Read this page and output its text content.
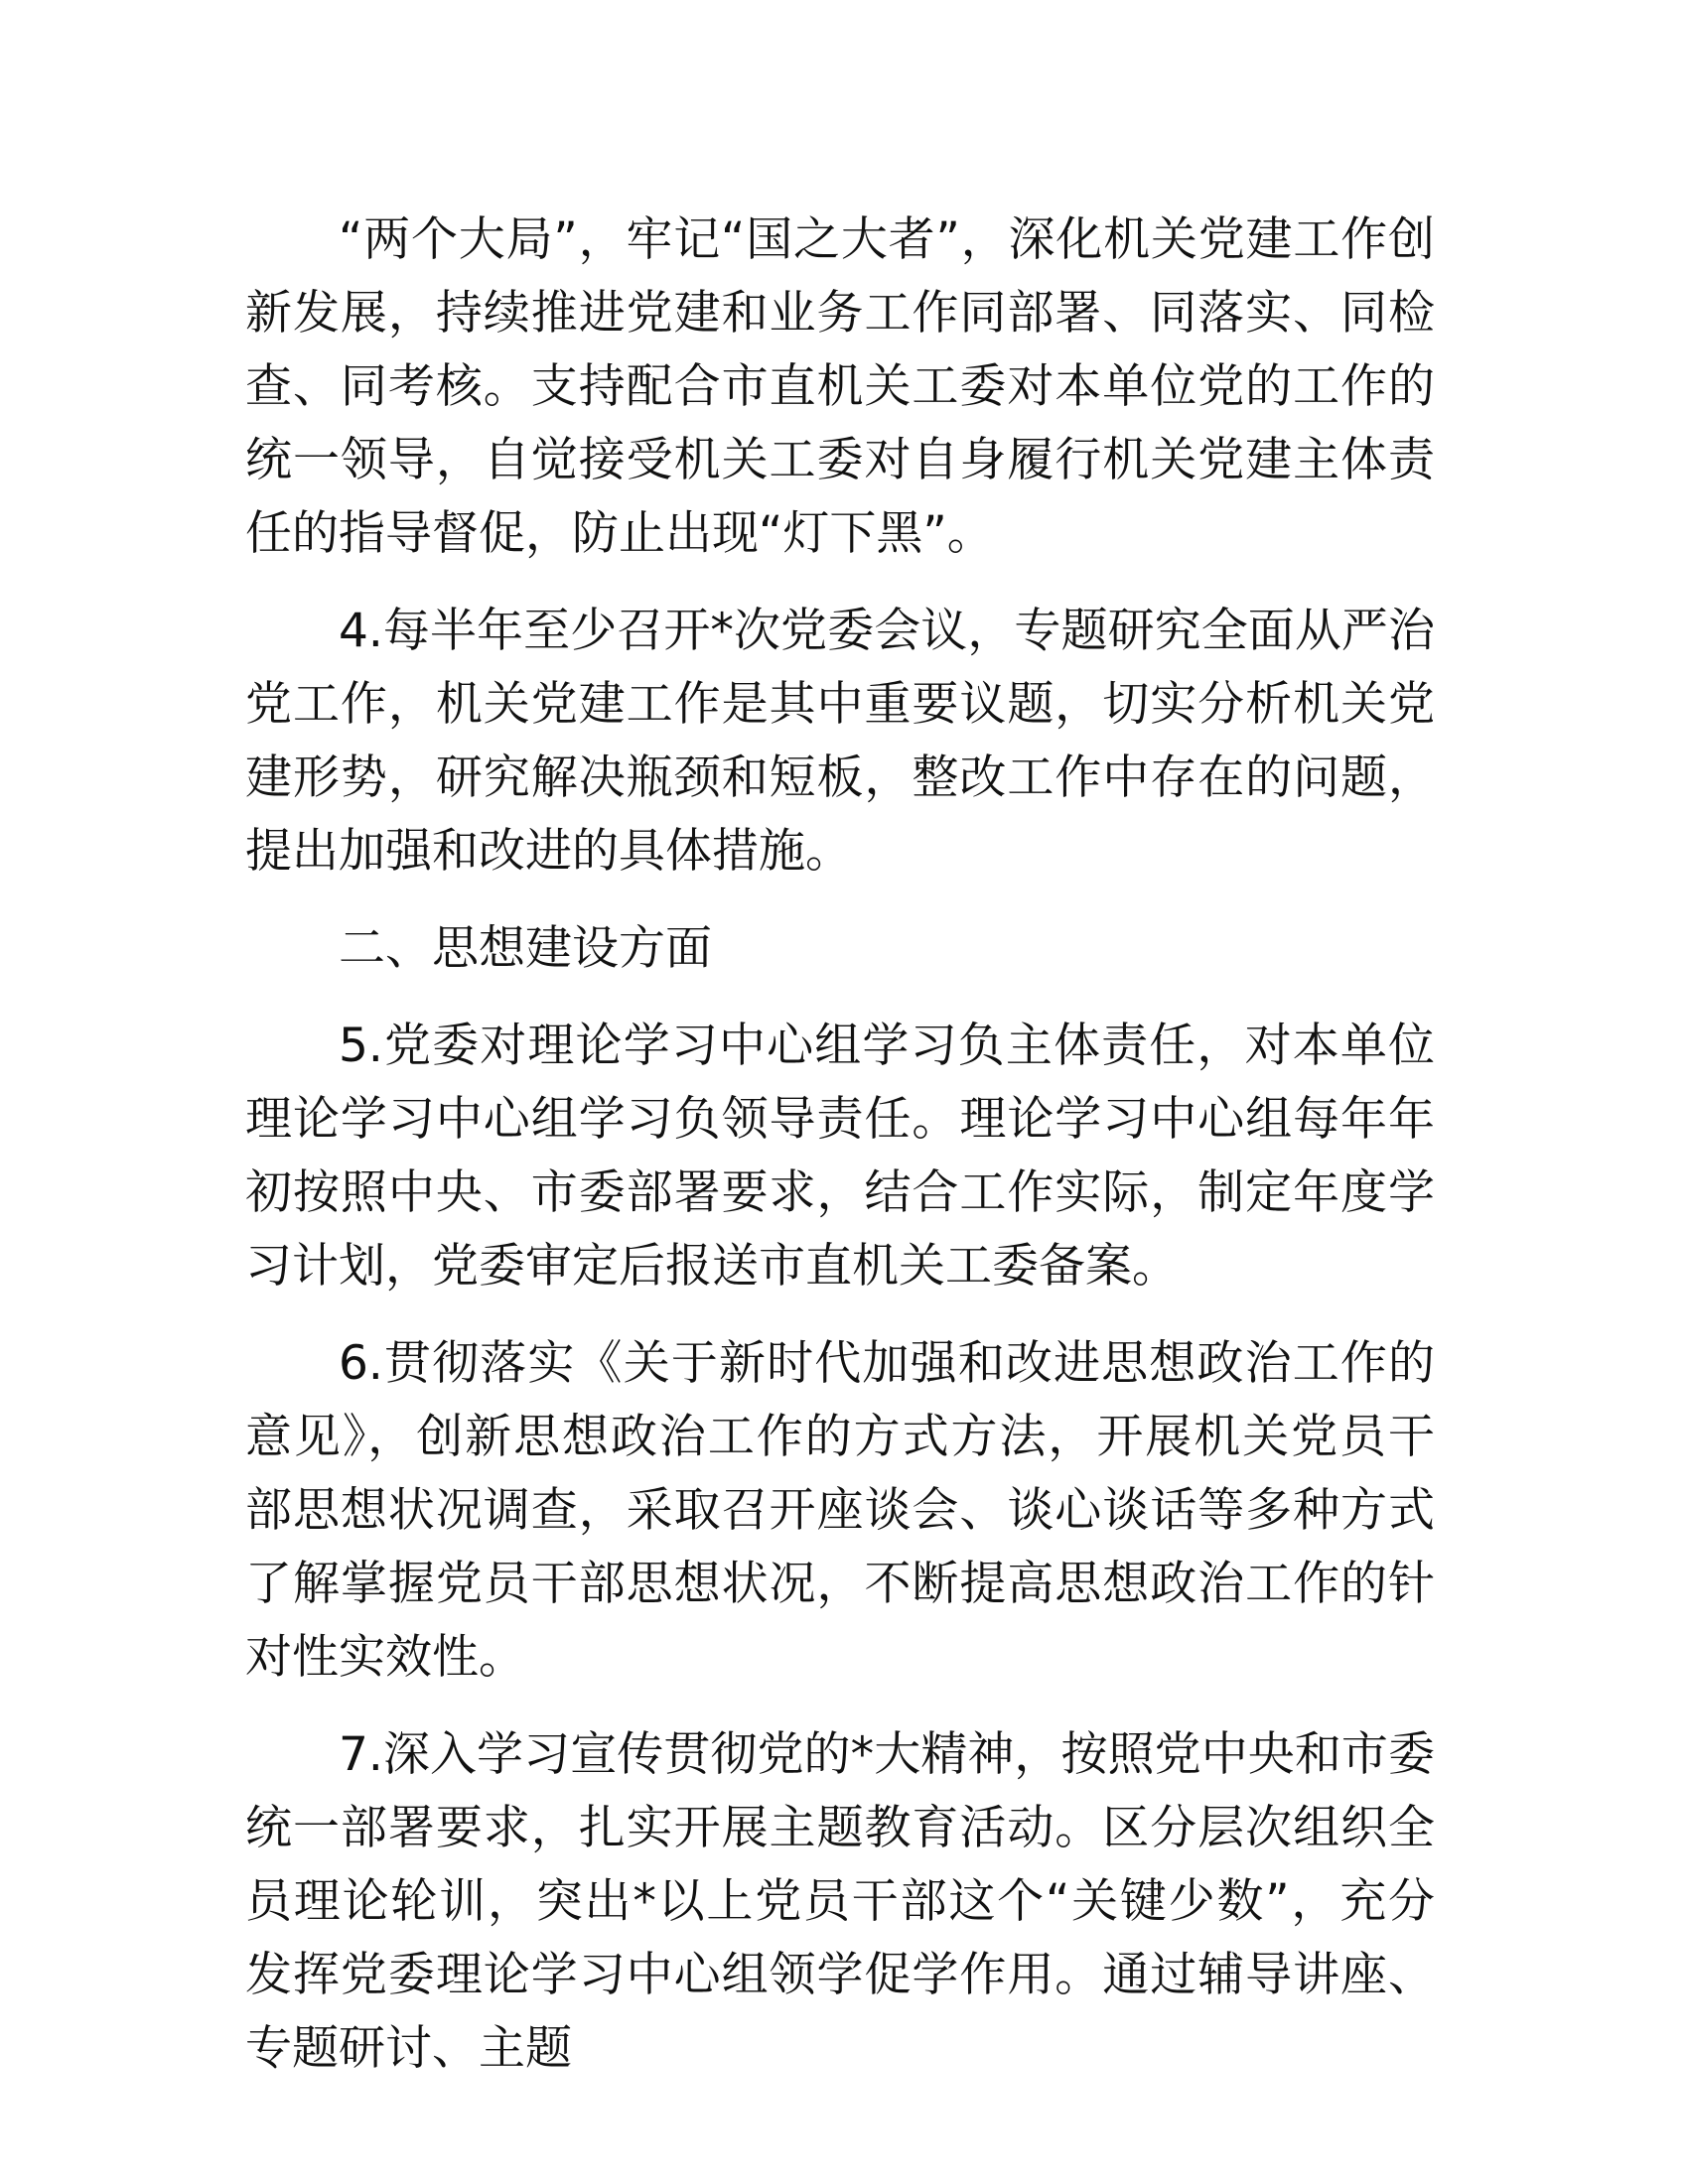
“两个大局”，牢记“国之大者”，深化机关党建工作创新发展，持续推进党建和业务工作同部署、同落实、同检查、同考核。支持配合市直机关工委对本单位党的工作的统一领导，自觉接受机关工委对自身履行机关党建主体责任的指导督促，防止出现“灯下黑”。

4.每半年至少召开*次党委会议，专题研究全面从严治党工作，机关党建工作是其中重要议题，切实分析机关党建形势，研究解决瓶颈和短板，整改工作中存在的问题，提出加强和改进的具体措施。

二、思想建设方面

5.党委对理论学习中心组学习负主体责任，对本单位理论学习中心组学习负领导责任。理论学习中心组每年年初按照中央、市委部署要求，结合工作实际，制定年度学习计划，党委审定后报送市直机关工委备案。

6.贯彻落实《关于新时代加强和改进思想政治工作的意见》，创新思想政治工作的方式方法，开展机关党员干部思想状况调查，采取召开座谈会、谈心谈话等多种方式了解掌握党员干部思想状况，不断提高思想政治工作的针对性实效性。

7.深入学习宣传贯彻党的*大精神，按照党中央和市委统一部署要求，扎实开展主题教育活动。区分层次组织全员理论轮训，突出*以上党员干部这个“关键少数”，充分发挥党委理论学习中心组领学促学作用。通过辅导讲座、专题研讨、主题
